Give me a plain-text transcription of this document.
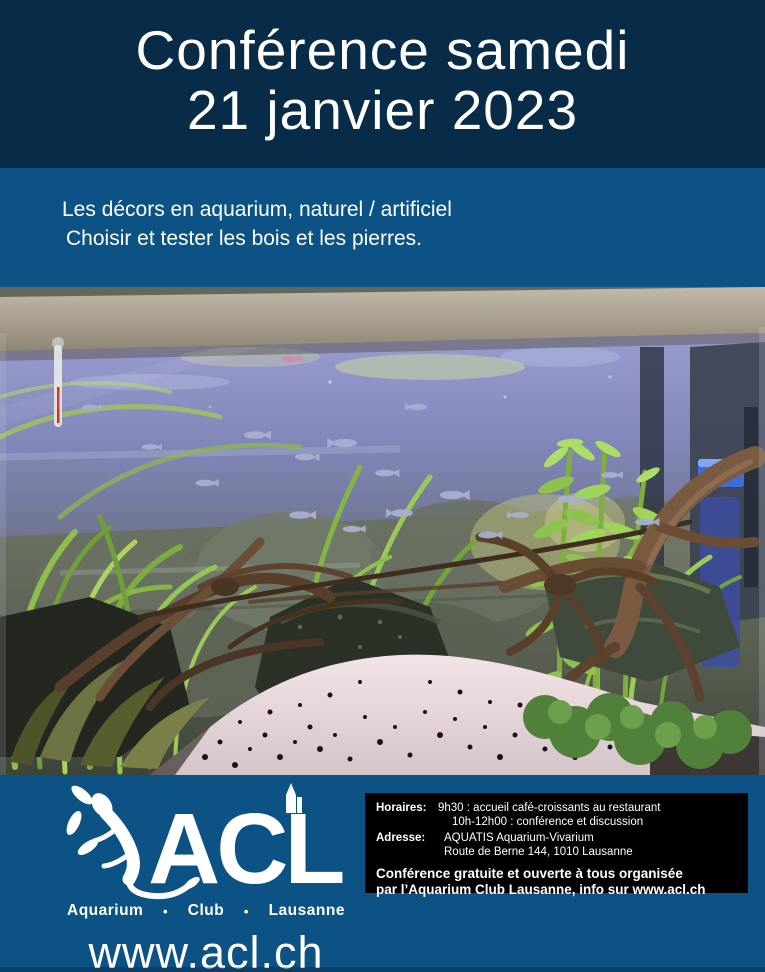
Conférence samedi
21 janvier 2023
Les décors en aquarium, naturel / artificiel
Choisir et tester les bois et les pierres.
ACL
Aquarium • Club • Lausanne
www.acl.ch
Horaires:	9h30 : accueil café-croissants au restaurant
10h-12h00 : conférence et discussion
Adresse:	AQUATIS Aquarium-Vivarium
Route de Berne 144, 1010 Lausanne
Conférence gratuite et ouverte à tous organisée
par l’Aquarium Club Lausanne, info sur www.acl.ch
